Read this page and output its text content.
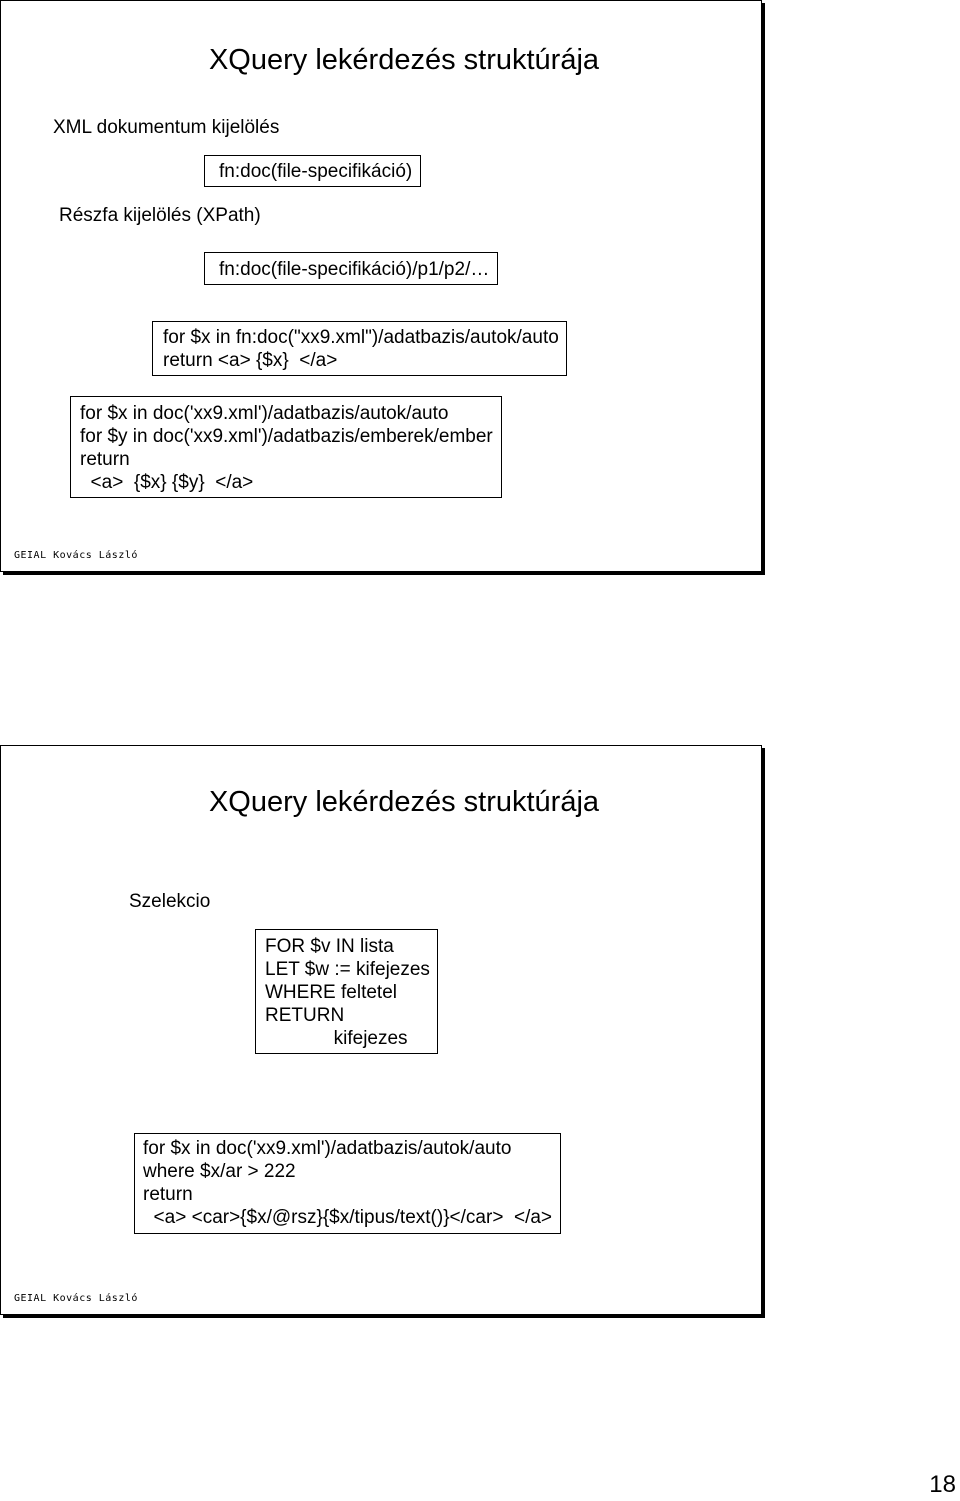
XQuery lekérdezés struktúrája
XML dokumentum kijelölés
fn:doc(file-specifikáció)
Részfa kijelölés (XPath)
fn:doc(file-specifikáció)/p1/p2/…
for $x in fn:doc("xx9.xml")/adatbazis/autok/auto
return <a> {$x}  </a>
for $x in doc('xx9.xml')/adatbazis/autok/auto
for $y in doc('xx9.xml')/adatbazis/emberek/ember
return
<a>  {$x} {$y}  </a>
GEIAL Kovács László
XQuery lekérdezés struktúrája
Szelekcio
FOR $v IN lista
LET $w := kifejezes
WHERE feltetel
RETURN
kifejezes
for $x in doc('xx9.xml')/adatbazis/autok/auto
where $x/ar > 222
return
<a> <car>{$x/@rsz}{$x/tipus/text()}</car>  </a>
GEIAL Kovács László
18
